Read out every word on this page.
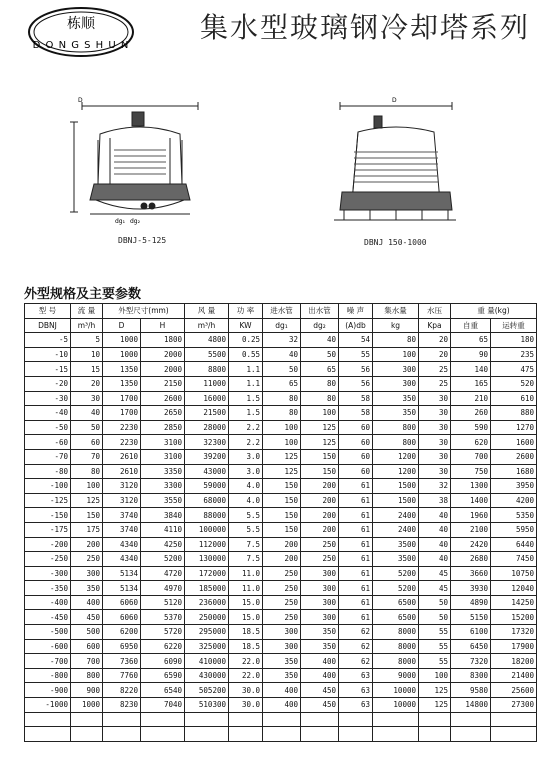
栋顺
D O N G S H U N
集水型玻璃钢冷却塔系列
D
dg₁ dg₂
DBNJ-5-125
D
DBNJ 150-1000
外型规格及主要参数
型 号	流 量	外型尺寸(mm)		风 量	功 率	进水管	出水管	噪 声	集水量	水压	重 量(kg)	
DBNJ	m³/h	D	H	m³/h	KW	dg₁	dg₂	(A)db	kg	Kpa	自重	运转重
-5	5	1000	1800	4800	0.25	32	40	54	80	20	65	180
-10	10	1000	2000	5500	0.55	40	50	55	100	20	90	235
-15	15	1350	2000	8800	1.1	50	65	56	300	25	140	475
-20	20	1350	2150	11000	1.1	65	80	56	300	25	165	520
-30	30	1700	2600	16000	1.5	80	80	58	350	30	210	610
-40	40	1700	2650	21500	1.5	80	100	58	350	30	260	880
-50	50	2230	2850	28000	2.2	100	125	60	800	30	590	1270
-60	60	2230	3100	32300	2.2	100	125	60	800	30	620	1600
-70	70	2610	3100	39200	3.0	125	150	60	1200	30	700	2600
-80	80	2610	3350	43000	3.0	125	150	60	1200	30	750	1680
-100	100	3120	3300	59000	4.0	150	200	61	1500	32	1300	3950
-125	125	3120	3550	68000	4.0	150	200	61	1500	38	1400	4200
-150	150	3740	3840	88000	5.5	150	200	61	2400	40	1960	5350
-175	175	3740	4110	100000	5.5	150	200	61	2400	40	2100	5950
-200	200	4340	4250	112000	7.5	200	250	61	3500	40	2420	6440
-250	250	4340	5200	130000	7.5	200	250	61	3500	40	2680	7450
-300	300	5134	4720	172000	11.0	250	300	61	5200	45	3660	10750
-350	350	5134	4970	185000	11.0	250	300	61	5200	45	3930	12040
-400	400	6060	5120	236000	15.0	250	300	61	6500	50	4890	14250
-450	450	6060	5370	250000	15.0	250	300	61	6500	50	5150	15200
-500	500	6200	5720	295000	18.5	300	350	62	8000	55	6100	17320
-600	600	6950	6220	325000	18.5	300	350	62	8000	55	6450	17900
-700	700	7360	6090	410000	22.0	350	400	62	8000	55	7320	18200
-800	800	7760	6590	430000	22.0	350	400	63	9000	100	8300	21400
-900	900	8220	6540	505200	30.0	400	450	63	10000	125	9580	25600
-1000	1000	8230	7040	510300	30.0	400	450	63	10000	125	14800	27300
